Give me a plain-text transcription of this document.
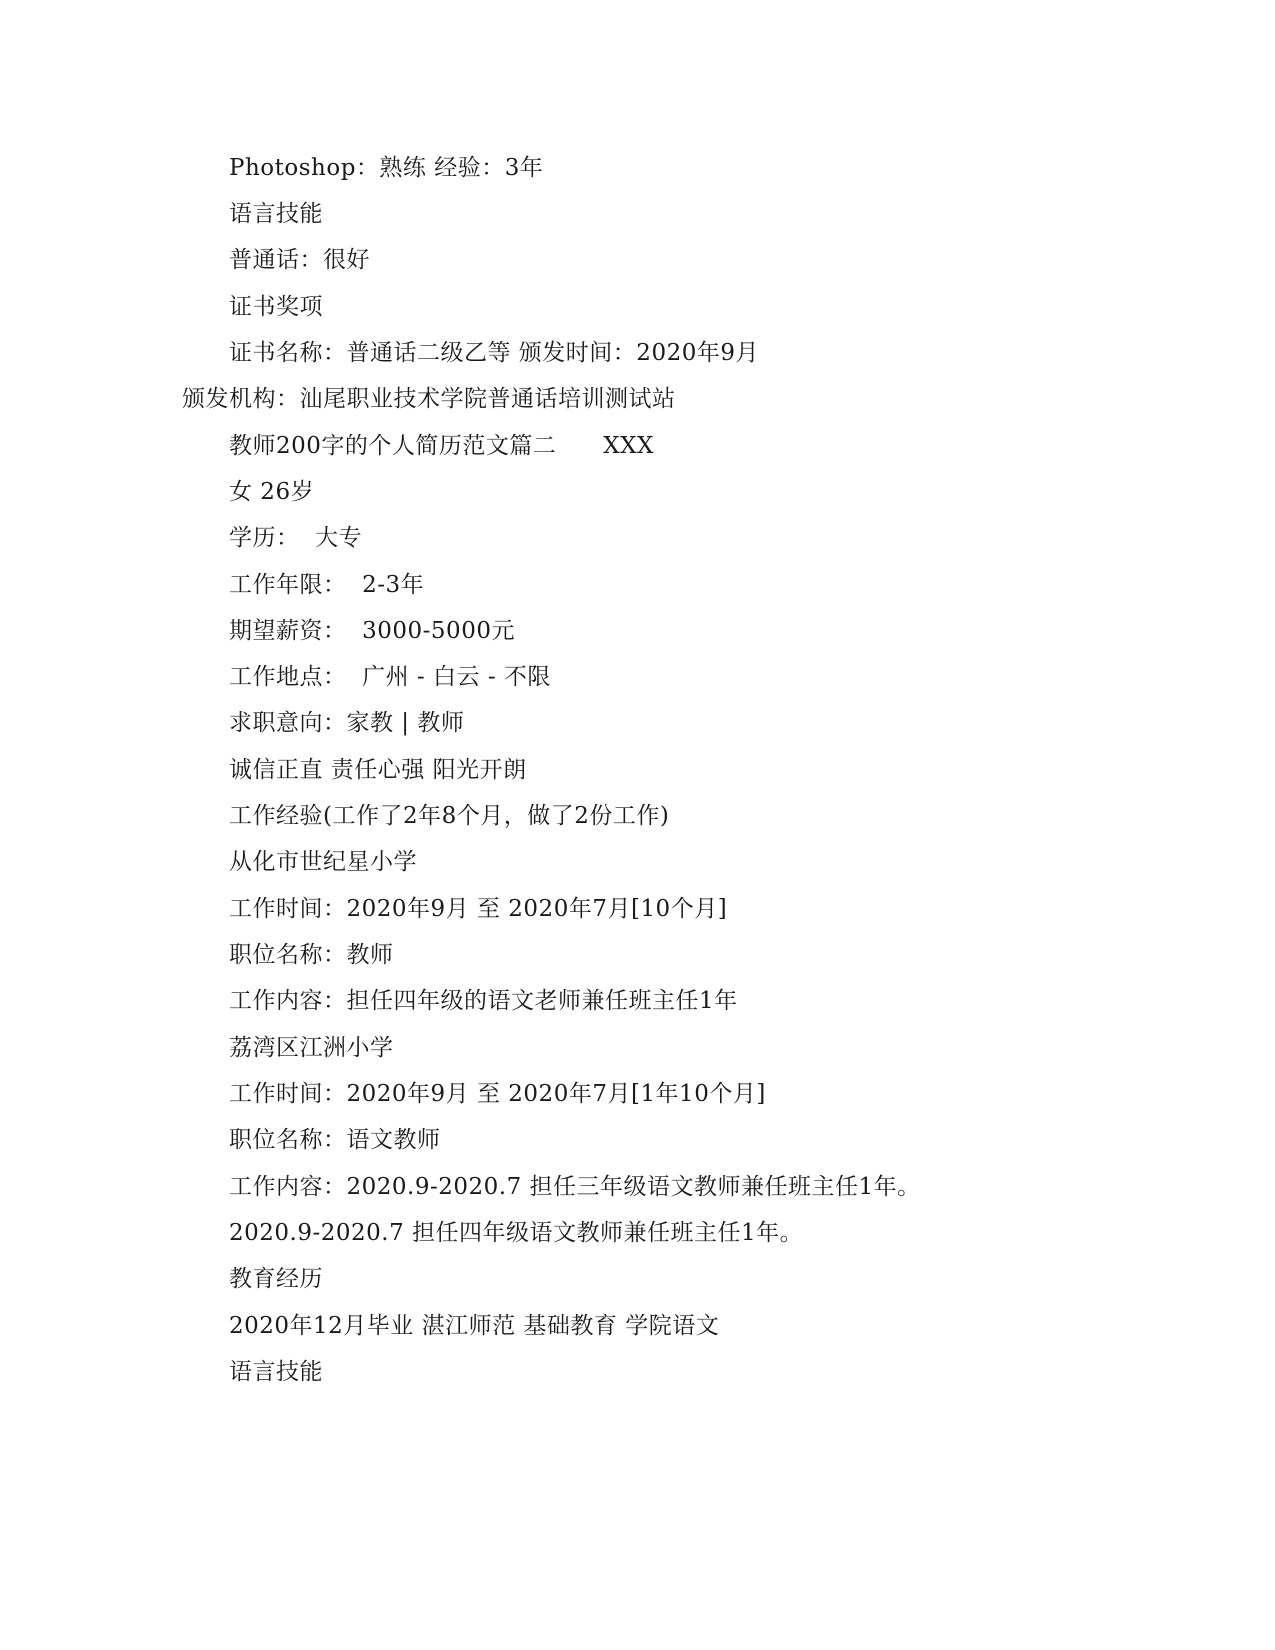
Photoshop：熟练 经验：3年
语言技能
普通话：很好
证书奖项
证书名称：普通话二级乙等 颁发时间：2020年9月
颁发机构：汕尾职业技术学院普通话培训测试站
教师200字的个人简历范文篇二      XXX
女 26岁
学历：  大专
工作年限：  2-3年
期望薪资：  3000-5000元
工作地点：  广州 - 白云 - 不限
求职意向：家教 | 教师
诚信正直 责任心强 阳光开朗
工作经验(工作了2年8个月，做了2份工作)
从化市世纪星小学
工作时间：2020年9月 至 2020年7月[10个月]
职位名称：教师
工作内容：担任四年级的语文老师兼任班主任1年
荔湾区江洲小学
工作时间：2020年9月 至 2020年7月[1年10个月]
职位名称：语文教师
工作内容：2020.9-2020.7 担任三年级语文教师兼任班主任1年。
2020.9-2020.7 担任四年级语文教师兼任班主任1年。
教育经历
2020年12月毕业 湛江师范 基础教育 学院语文
语言技能
